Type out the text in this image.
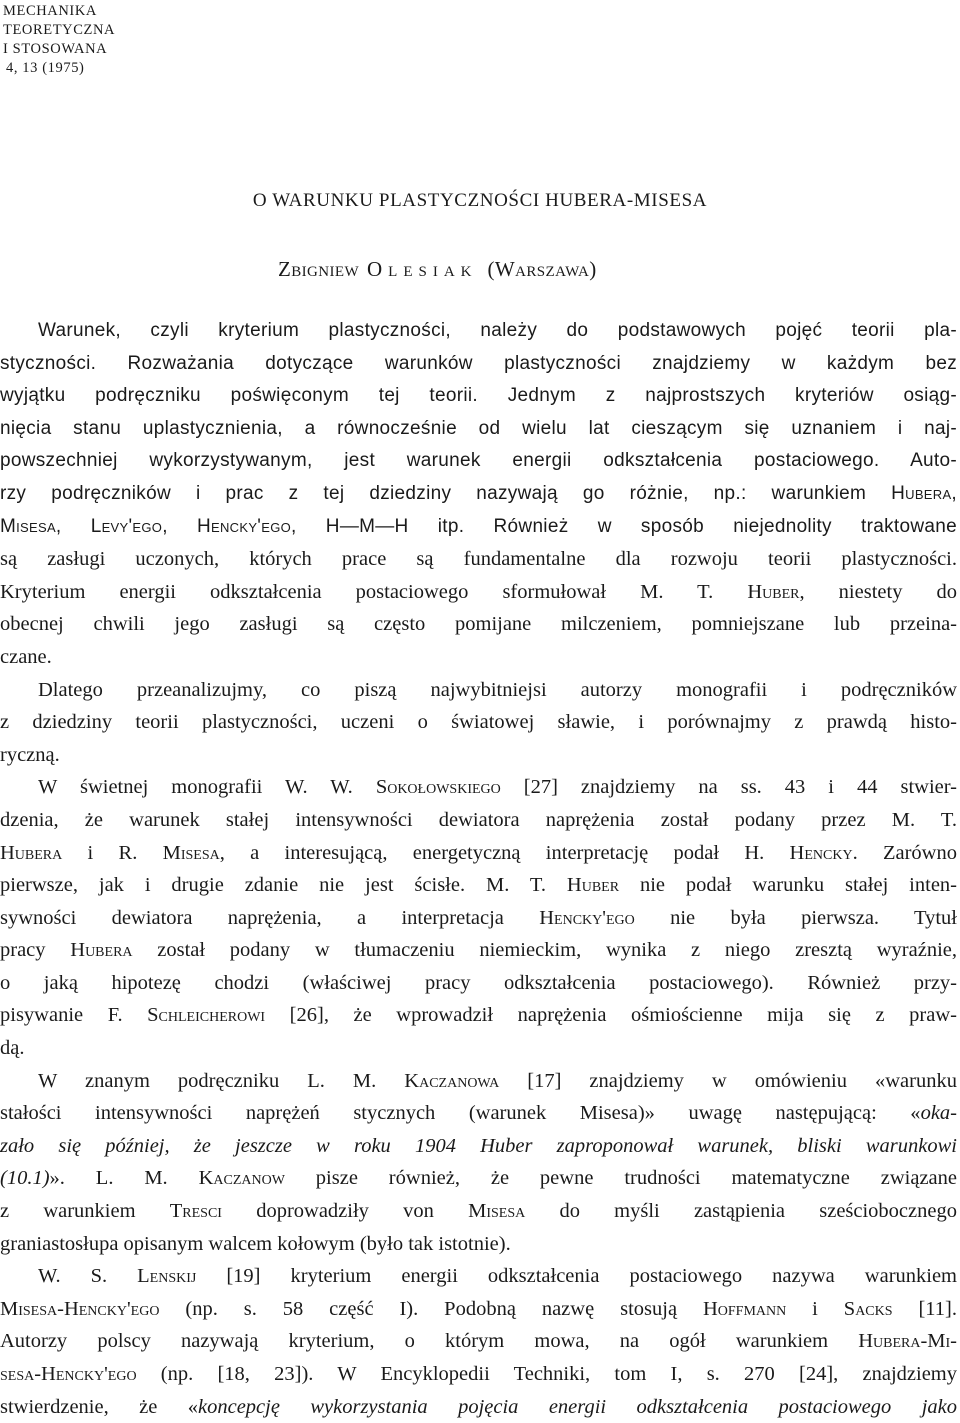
MECHANIKA
TEORETYCZNA
I STOSOWANA
4, 13 (1975)
O WARUNKU PLASTYCZNOŚCI HUBERA-MISESA
Zbigniew Olesiak (Warszawa)
Warunek, czyli kryterium plastyczności, należy do podstawowych pojęć teorii pla-
styczności. Rozważania dotyczące warunków plastyczności znajdziemy w każdym bez
wyjątku podręczniku poświęconym tej teorii. Jednym z najprostszych kryteriów osiąg-
nięcia stanu uplastycznienia, a równocześnie od wielu lat cieszącym się uznaniem i naj-
powszechniej wykorzystywanym, jest warunek energii odkształcenia postaciowego. Auto-
rzy podręczników i prac z tej dziedziny nazywają go różnie, np.: warunkiem Hubera,
Misesa, Levy'ego, Hencky'ego, H—M—H itp. Również w sposób niejednolity traktowane
są zasługi uczonych, których prace są fundamentalne dla rozwoju teorii plastyczności.
Kryterium energii odkształcenia postaciowego sformułował M. T. Huber, niestety do
obecnej chwili jego zasługi są często pomijane milczeniem, pomniejszane lub przeina-
czane.
Dlatego przeanalizujmy, co piszą najwybitniejsi autorzy monografii i podręczników
z dziedziny teorii plastyczności, uczeni o światowej sławie, i porównajmy z prawdą histo-
ryczną.
W świetnej monografii W. W. Sokołowskiego [27] znajdziemy na ss. 43 i 44 stwier-
dzenia, że warunek stałej intensywności dewiatora naprężenia został podany przez M. T.
Hubera i R. Misesa, a interesującą, energetyczną interpretację podał H. Hencky. Zarówno
pierwsze, jak i drugie zdanie nie jest ścisłe. M. T. Huber nie podał warunku stałej inten-
sywności dewiatora naprężenia, a interpretacja Hencky'ego nie była pierwsza. Tytuł
pracy Hubera został podany w tłumaczeniu niemieckim, wynika z niego zresztą wyraźnie,
o jaką hipotezę chodzi (właściwej pracy odkształcenia postaciowego). Również przy-
pisywanie F. Schleicherowi [26], że wprowadził naprężenia ośmiościenne mija się z praw-
dą.
W znanym podręczniku L. M. Kaczanowa [17] znajdziemy w omówieniu «warunku
stałości intensywności naprężeń stycznych (warunek Misesa)» uwagę następującą: «oka-
zało się później, że jeszcze w roku 1904 Huber zaproponował warunek, bliski warunkowi
(10.1)». L. M. Kaczanow pisze również, że pewne trudności matematyczne związane
z warunkiem Tresci doprowadziły von Misesa do myśli zastąpienia sześciobocznego
graniastosłupa opisanym walcem kołowym (było tak istotnie).
W. S. Lenskij [19] kryterium energii odkształcenia postaciowego nazywa warunkiem
Misesa-Hencky'ego (np. s. 58 część I). Podobną nazwę stosują Hoffmann i Sacks [11].
Autorzy polscy nazywają kryterium, o którym mowa, na ogół warunkiem Hubera-Mi-
sesa-Hencky'ego (np. [18, 23]). W Encyklopedii Techniki, tom I, s. 270 [24], znajdziemy
stwierdzenie, że «koncepcję wykorzystania pojęcia energii odkształcenia postaciowego jako
